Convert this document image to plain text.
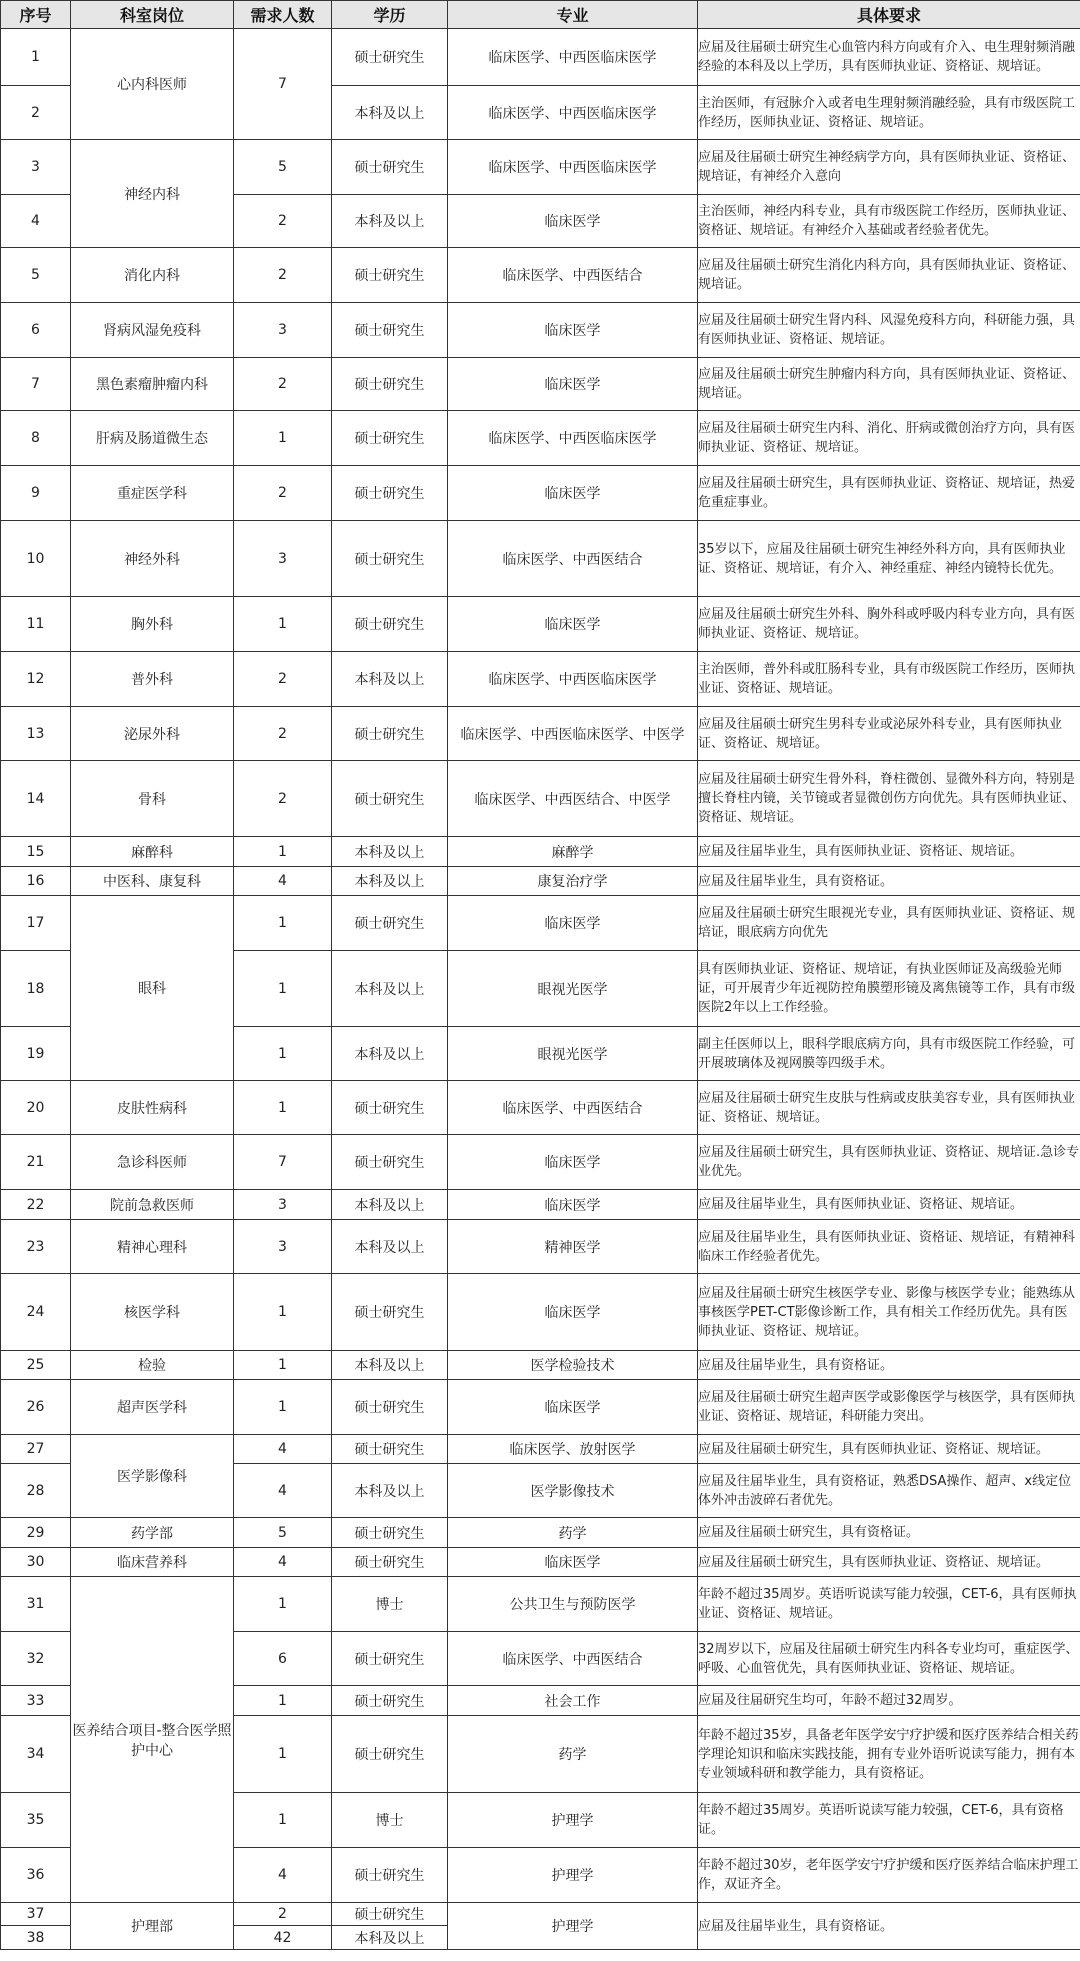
序号	科室岗位	需求人数	学历	专业	具体要求
1	心内科医师	7	硕士研究生	临床医学、中西医临床医学	应届及往届硕士研究生心血管内科方向或有介入、电生理射频消融经验的本科及以上学历，具有医师执业证、资格证、规培证。
2			本科及以上	临床医学、中西医临床医学	主治医师，有冠脉介入或者电生理射频消融经验，具有市级医院工作经历，医师执业证、资格证、规培证。
3	神经内科	5	硕士研究生	临床医学、中西医临床医学	应届及往届硕士研究生神经病学方向，具有医师执业证、资格证、规培证，有神经介入意向
4		2	本科及以上	临床医学	主治医师，神经内科专业，具有市级医院工作经历，医师执业证、资格证、规培证。有神经介入基础或者经验者优先。
5	消化内科	2	硕士研究生	临床医学、中西医结合	应届及往届硕士研究生消化内科方向，具有医师执业证、资格证、规培证。
6	肾病风湿免疫科	3	硕士研究生	临床医学	应届及往届硕士研究生肾内科、风湿免疫科方向，科研能力强，具有医师执业证、资格证、规培证。
7	黑色素瘤肿瘤内科	2	硕士研究生	临床医学	应届及往届硕士研究生肿瘤内科方向，具有医师执业证、资格证、规培证。
8	肝病及肠道微生态	1	硕士研究生	临床医学、中西医临床医学	应届及往届硕士研究生内科、消化、肝病或微创治疗方向，具有医师执业证、资格证、规培证。
9	重症医学科	2	硕士研究生	临床医学	应届及往届硕士研究生，具有医师执业证、资格证、规培证，热爱危重症事业。
10	神经外科	3	硕士研究生	临床医学、中西医结合	35岁以下，应届及往届硕士研究生神经外科方向，具有医师执业证、资格证、规培证，有介入、神经重症、神经内镜特长优先。
11	胸外科	1	硕士研究生	临床医学	应届及往届硕士研究生外科、胸外科或呼吸内科专业方向，具有医师执业证、资格证、规培证。
12	普外科	2	本科及以上	临床医学、中西医临床医学	主治医师，普外科或肛肠科专业，具有市级医院工作经历，医师执业证、资格证、规培证。
13	泌尿外科	2	硕士研究生	临床医学、中西医临床医学、中医学	应届及往届硕士研究生男科专业或泌尿外科专业，具有医师执业证、资格证、规培证。
14	骨科	2	硕士研究生	临床医学、中西医结合、中医学	应届及往届硕士研究生骨外科，脊柱微创、显微外科方向，特别是擅长脊柱内镜，关节镜或者显微创伤方向优先。具有医师执业证、资格证、规培证。
15	麻醉科	1	本科及以上	麻醉学	应届及往届毕业生，具有医师执业证、资格证、规培证。
16	中医科、康复科	4	本科及以上	康复治疗学	应届及往届毕业生，具有资格证。
17	眼科	1	硕士研究生	临床医学	应届及往届硕士研究生眼视光专业，具有医师执业证、资格证、规培证，眼底病方向优先
18		1	本科及以上	眼视光医学	具有医师执业证、资格证、规培证，有执业医师证及高级验光师证，可开展青少年近视防控角膜塑形镜及离焦镜等工作，具有市级医院2年以上工作经验。
19		1	本科及以上	眼视光医学	副主任医师以上，眼科学眼底病方向，具有市级医院工作经验，可开展玻璃体及视网膜等四级手术。
20	皮肤性病科	1	硕士研究生	临床医学、中西医结合	应届及往届硕士研究生皮肤与性病或皮肤美容专业，具有医师执业证、资格证、规培证。
21	急诊科医师	7	硕士研究生	临床医学	应届及往届硕士研究生，具有医师执业证、资格证、规培证.急诊专业优先。
22	院前急救医师	3	本科及以上	临床医学	应届及往届毕业生，具有医师执业证、资格证、规培证。
23	精神心理科	3	本科及以上	精神医学	应届及往届毕业生，具有医师执业证、资格证、规培证，有精神科临床工作经验者优先。
24	核医学科	1	硕士研究生	临床医学	应届及往届硕士研究生核医学专业、影像与核医学专业；能熟练从事核医学PET-CT影像诊断工作，具有相关工作经历优先。具有医师执业证、资格证、规培证。
25	检验	1	本科及以上	医学检验技术	应届及往届毕业生，具有资格证。
26	超声医学科	1	硕士研究生	临床医学	应届及往届硕士研究生超声医学或影像医学与核医学，具有医师执业证、资格证、规培证，科研能力突出。
27	医学影像科	4	硕士研究生	临床医学、放射医学	应届及往届硕士研究生，具有医师执业证、资格证、规培证。
28		4	本科及以上	医学影像技术	应届及往届毕业生，具有资格证，熟悉DSA操作、超声、x线定位体外冲击波碎石者优先。
29	药学部	5	硕士研究生	药学	应届及往届硕士研究生，具有资格证。
30	临床营养科	4	硕士研究生	临床医学	应届及往届硕士研究生，具有医师执业证、资格证、规培证。
31	医养结合项目-整合医学照护中心	1	博士	公共卫生与预防医学	年龄不超过35周岁。英语听说读写能力较强，CET-6，具有医师执业证、资格证、规培证。
32		6	硕士研究生	临床医学、中西医结合	32周岁以下，应届及往届硕士研究生内科各专业均可，重症医学、呼吸、心血管优先，具有医师执业证、资格证、规培证。
33		1	硕士研究生	社会工作	应届及往届研究生均可，年龄不超过32周岁。
34		1	硕士研究生	药学	年龄不超过35岁，具备老年医学安宁疗护缓和医疗医养结合相关药学理论知识和临床实践技能，拥有专业外语听说读写能力，拥有本专业领域科研和教学能力，具有资格证。
35		1	博士	护理学	年龄不超过35周岁。英语听说读写能力较强，CET-6，具有资格证。
36		4	硕士研究生	护理学	年龄不超过30岁，老年医学安宁疗护缓和医疗医养结合临床护理工作，双证齐全。
37	护理部	2	硕士研究生	护理学	应届及往届毕业生，具有资格证。
38		42	本科及以上		
